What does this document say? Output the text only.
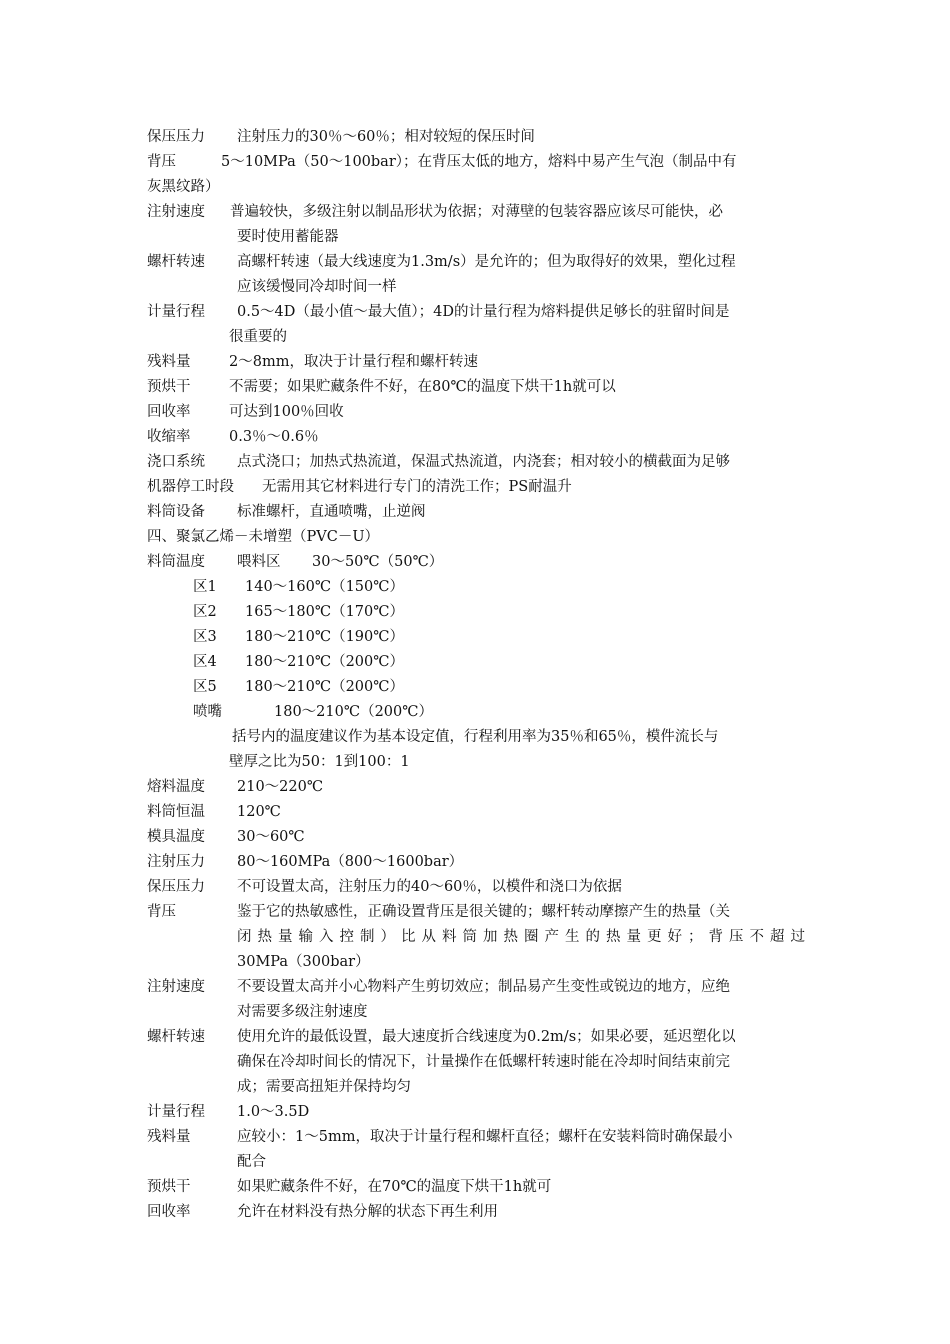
保压压力 注射压力的30％～60％；相对较短的保压时间
背压	5～10MPa（50～100bar）；在背压太低的地方，熔料中易产生气泡（制品中有
灰黑纹路）
注射速度 普遍较快，多级注射以制品形状为依据；对薄壁的包装容器应该尽可能快，必
要时使用蓄能器
螺杆转速 高螺杆转速（最大线速度为1.3m/s）是允许的；但为取得好的效果，塑化过程
应该缓慢同冷却时间一样
计量行程 0.5～4D（最小值～最大值）；4D的计量行程为熔料提供足够长的驻留时间是
很重要的
残料量	2～8mm，取决于计量行程和螺杆转速
预烘干	不需要；如果贮藏条件不好，在80℃的温度下烘干1h就可以
回收率	可达到100％回收
收缩率	0.3％～0.6％
浇口系统 点式浇口；加热式热流道，保温式热流道，内浇套；相对较小的横截面为足够
机器停工时段 无需用其它材料进行专门的清洗工作；PS耐温升
料筒设备 标准螺杆，直通喷嘴，止逆阀
四、聚氯乙烯－未增塑（PVC－U）
料筒温度 喂料区 30～50℃（50℃）
区1 140～160℃（150℃）
区2 165～180℃（170℃）
区3 180～210℃（190℃）
区4 180～210℃（200℃）
区5 180～210℃（200℃）
喷嘴	180～210℃（200℃）
括号内的温度建议作为基本设定值，行程利用率为35％和65％，模件流长与
壁厚之比为50：1到100：1
熔料温度 210～220℃
料筒恒温 120℃
模具温度 30～60℃
注射压力 80～160MPa（800～1600bar）
保压压力 不可设置太高，注射压力的40～60％，以模件和浇口为依据
背压	鉴于它的热敏感性，正确设置背压是很关键的；螺杆转动摩擦产生的热量（关
闭 热 量 输 入 控 制 ） 比 从 料 筒 加 热 圈 产 生 的 热 量 更 好 ； 背 压 不 超 过
30MPa（300bar）
注射速度 不要设置太高并小心物料产生剪切效应；制品易产生变性或锐边的地方，应绝
对需要多级注射速度
螺杆转速 使用允许的最低设置，最大速度折合线速度为0.2m/s；如果必要，延迟塑化以
确保在冷却时间长的情况下，计量操作在低螺杆转速时能在冷却时间结束前完
成；需要高扭矩并保持均匀
计量行程 1.0～3.5D
残料量	应较小：1～5mm，取决于计量行程和螺杆直径；螺杆在安装料筒时确保最小
配合
预烘干	如果贮藏条件不好，在70℃的温度下烘干1h就可
回收率	允许在材料没有热分解的状态下再生利用
